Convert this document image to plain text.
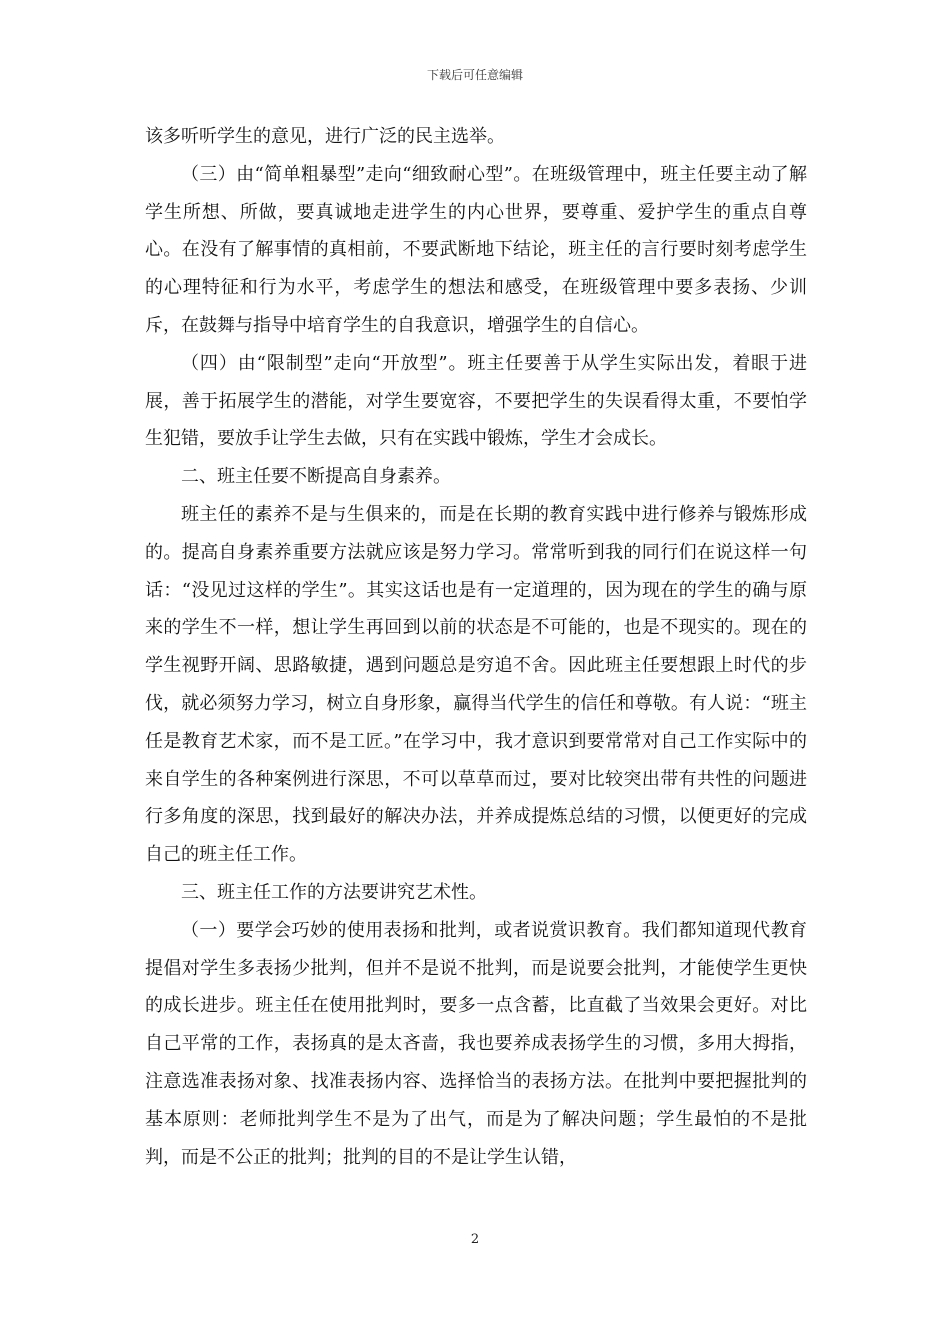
下载后可任意编辑

该多听听学生的意见，进行广泛的民主选举。

（三）由“简单粗暴型”走向“细致耐心型”。在班级管理中，班主任要主动了解学生所想、所做，要真诚地走进学生的内心世界，要尊重、爱护学生的重点自尊心。在没有了解事情的真相前，不要武断地下结论，班主任的言行要时刻考虑学生的心理特征和行为水平，考虑学生的想法和感受，在班级管理中要多表扬、少训斥，在鼓舞与指导中培育学生的自我意识，增强学生的自信心。

（四）由“限制型”走向“开放型”。班主任要善于从学生实际出发，着眼于进展，善于拓展学生的潜能，对学生要宽容，不要把学生的失误看得太重，不要怕学生犯错，要放手让学生去做，只有在实践中锻炼，学生才会成长。

二、班主任要不断提高自身素养。

班主任的素养不是与生俱来的，而是在长期的教育实践中进行修养与锻炼形成的。提高自身素养重要方法就应该是努力学习。常常听到我的同行们在说这样一句话：“没见过这样的学生”。其实这话也是有一定道理的，因为现在的学生的确与原来的学生不一样，想让学生再回到以前的状态是不可能的，也是不现实的。现在的学生视野开阔、思路敏捷，遇到问题总是穷追不舍。因此班主任要想跟上时代的步伐，就必须努力学习，树立自身形象，赢得当代学生的信任和尊敬。有人说：“班主任是教育艺术家，而不是工匠。”在学习中，我才意识到要常常对自己工作实际中的来自学生的各种案例进行深思，不可以草草而过，要对比较突出带有共性的问题进行多角度的深思，找到最好的解决办法，并养成提炼总结的习惯，以便更好的完成自己的班主任工作。

三、班主任工作的方法要讲究艺术性。

（一）要学会巧妙的使用表扬和批判，或者说赏识教育。我们都知道现代教育提倡对学生多表扬少批判，但并不是说不批判，而是说要会批判，才能使学生更快的成长进步。班主任在使用批判时，要多一点含蓄，比直截了当效果会更好。对比自己平常的工作，表扬真的是太吝啬，我也要养成表扬学生的习惯，多用大拇指，注意选准表扬对象、找准表扬内容、选择恰当的表扬方法。在批判中要把握批判的基本原则：老师批判学生不是为了出气，而是为了解决问题；学生最怕的不是批判，而是不公正的批判；批判的目的不是让学生认错，

2
